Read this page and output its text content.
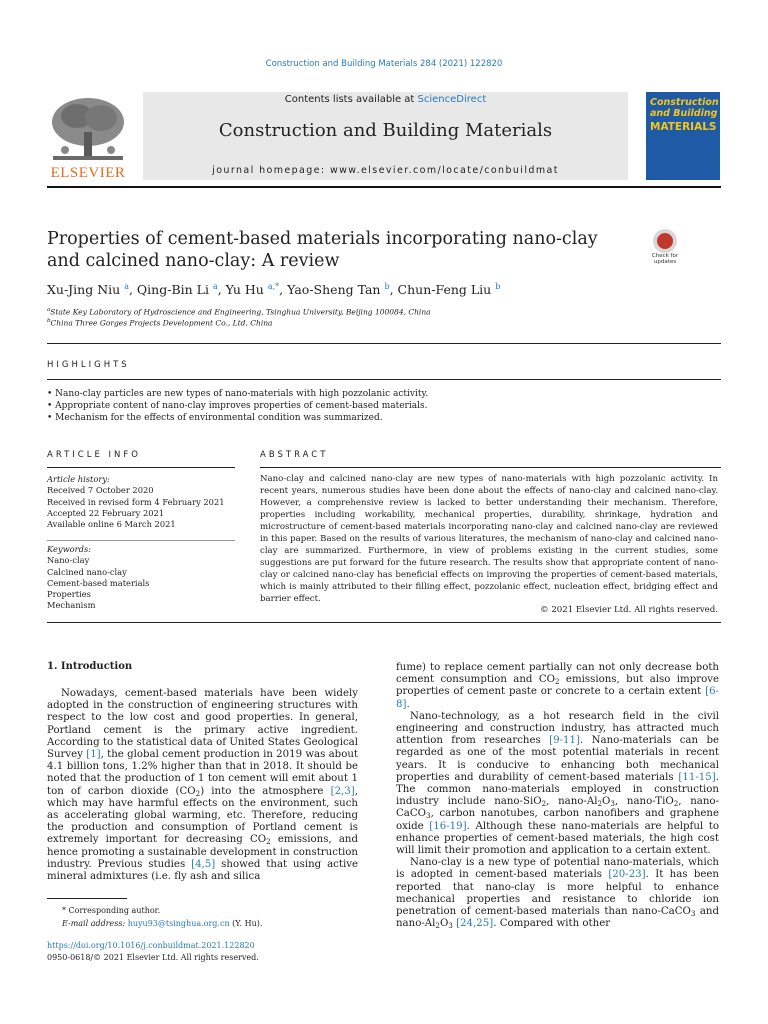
Construction and Building Materials 284 (2021) 122820
ELSEVIER
Contents lists available at ScienceDirect
Construction and Building Materials
journal homepage: www.elsevier.com/locate/conbuildmat
Construction and Building
MATERIALS
Properties of cement-based materials incorporating nano-clay
and calcined nano-clay: A review	Check for
updates
Xu-Jing Niu $^a$, Qing-Bin Li $^a$, Yu Hu $^{a,*}$, Yao-Sheng Tan $^b$, Chun-Feng Liu $^b$
$^a$State Key Laboratory of Hydroscience and Engineering, Tsinghua University, Beijing 100084, China
$^b$China Three Gorges Projects Development Co., Ltd, China
HIGHLIGHTS
• Nano-clay particles are new types of nano-materials with high pozzolanic activity.
• Appropriate content of nano-clay improves properties of cement-based materials.
• Mechanism for the effects of environmental condition was summarized.
ARTICLE INFO
Article history:
Received 7 October 2020
Received in revised form 4 February 2021
Accepted 22 February 2021
Available online 6 March 2021
Keywords:
Nano-clay
Calcined nano-clay
Cement-based materials
Properties
Mechanism
ABSTRACT
Nano-clay and calcined nano-clay are new types of nano-materials with high pozzolanic activity. In recent years, numerous studies have been done about the effects of nano-clay and calcined nano-clay. However, a comprehensive review is lacked to better understanding their mechanism. Therefore, properties including workability, mechanical properties, durability, shrinkage, hydration and microstructure of cement-based materials incorporating nano-clay and calcined nano-clay are reviewed in this paper. Based on the results of various literatures, the mechanism of nano-clay and calcined nano-clay are summarized. Furthermore, in view of problems existing in the current studies, some suggestions are put forward for the future research. The results show that appropriate content of nano-clay or calcined nano-clay has beneficial effects on improving the properties of cement-based materials, which is mainly attributed to their filling effect, pozzolanic effect, nucleation effect, bridging effect and barrier effect.
© 2021 Elsevier Ltd. All rights reserved.
1. Introduction

Nowadays, cement-based materials have been widely adopted in the construction of engineering structures with respect to the low cost and good properties. In general, Portland cement is the primary active ingredient. According to the statistical data of United States Geological Survey [1], the global cement production in 2019 was about 4.1 billion tons, 1.2% higher than that in 2018. It should be noted that the production of 1 ton cement will emit about 1 ton of carbon dioxide $(CO_2)$ into the atmosphere [2,3], which may have harmful effects on the environment, such as accelerating global warming, etc. Therefore, reducing the production and consumption of Portland cement is extremely important for decreasing $CO_2$ emissions, and hence promoting a sustainable development in construction industry. Previous studies [4,5] showed that using active mineral admixtures (i.e. fly ash and silica

fume) to replace cement partially can not only decrease both cement consumption and $CO_2$ emissions, but also improve properties of cement paste or concrete to a certain extent [6-8].

Nano-technology, as a hot research field in the civil engineering and construction industry, has attracted much attention from researches [9-11]. Nano-materials can be regarded as one of the most potential materials in recent years. It is conducive to enhancing both mechanical properties and durability of cement-based materials [11-15]. The common nano-materials employed in construction industry include nano-SiO$_2$, nano-$Al_2O_3$, nano-TiO$_2$, nano-CaCO$_3$, carbon nanotubes, carbon nanofibers and graphene oxide [16-19]. Although these nano-materials are helpful to enhance properties of cement-based materials, the high cost will limit their promotion and application to a certain extent.

Nano-clay is a new type of potential nano-materials, which is adopted in cement-based materials [20-23]. It has been reported that nano-clay is more helpful to enhance mechanical properties and resistance to chloride ion penetration of cement-based materials than nano-CaCO$_3$ and nano-$Al_2O_3$ [24,25]. Compared with other

* Corresponding author.
E-mail address: huyu93@tsinghua.org.cn (Y. Hu).
https://doi.org/10.1016/j.conbuildmat.2021.122820
0950-0618/© 2021 Elsevier Ltd. All rights reserved.
